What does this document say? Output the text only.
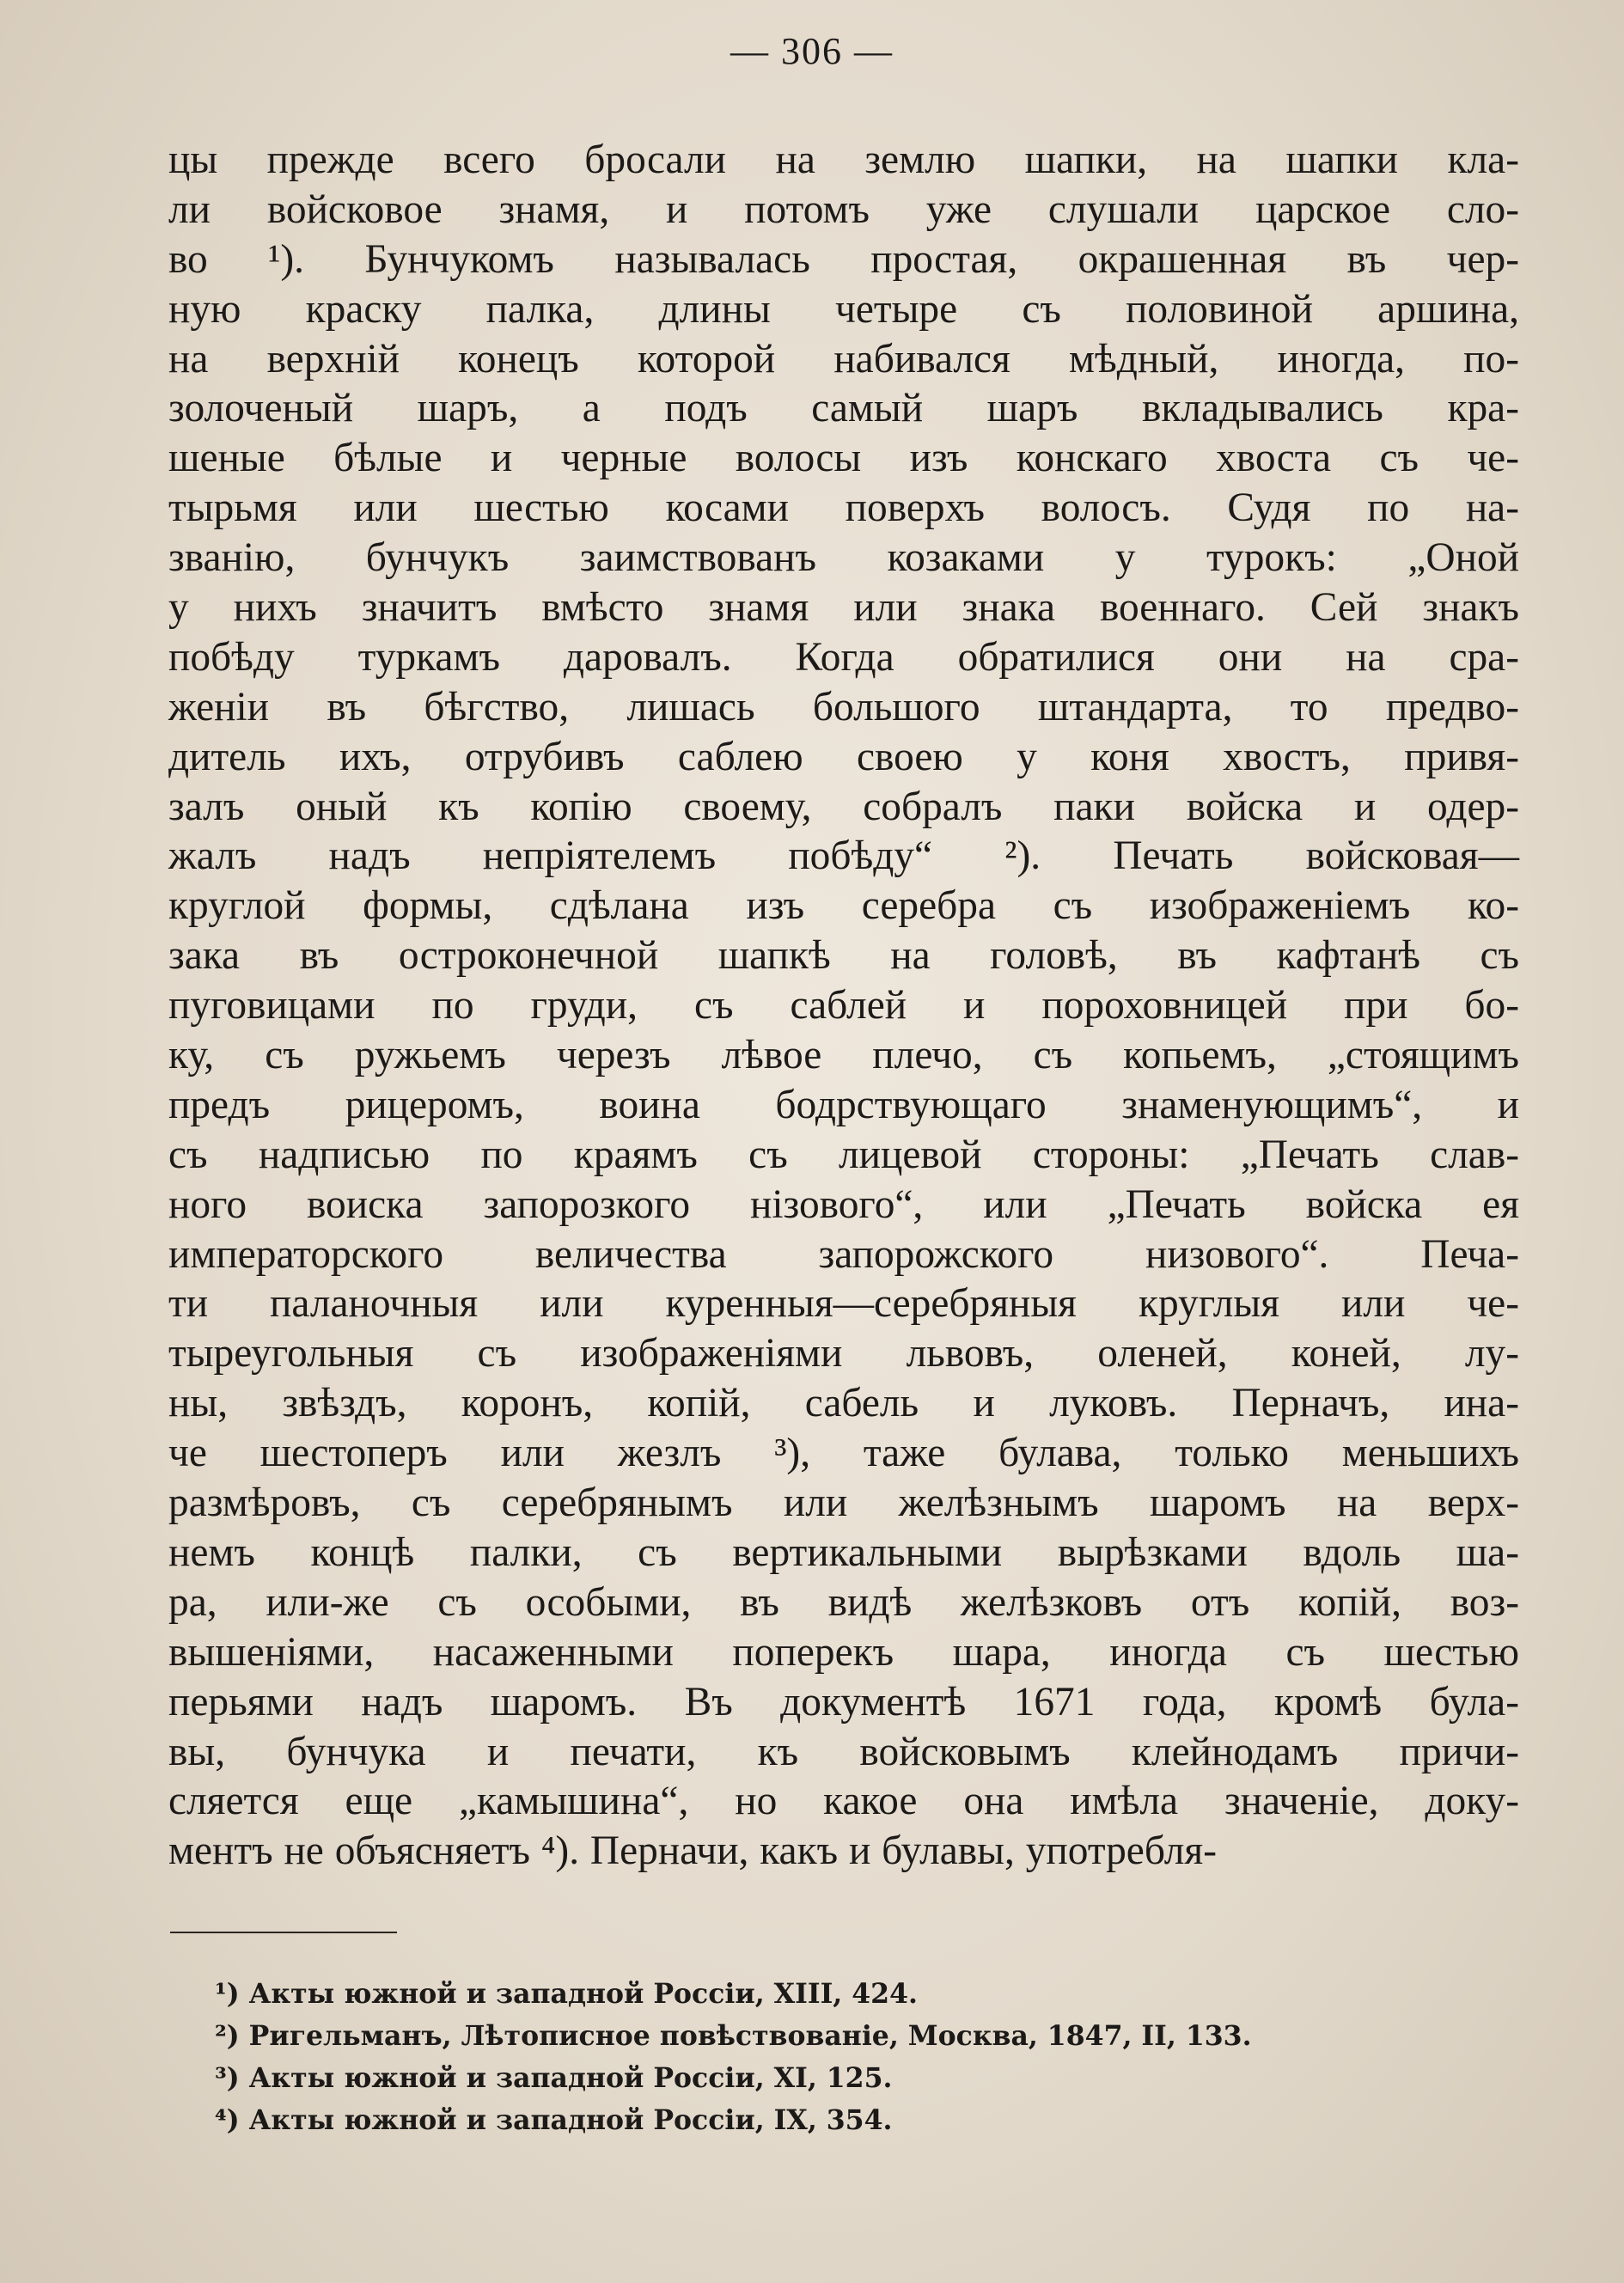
— 306 —
цы прежде всего бросали на землю шапки, на шапки кла-
ли войсковое знамя, и потомъ уже слушали царское сло-
во ¹). Бунчукомъ называлась простая, окрашенная въ чер-
ную краску палка, длины четыре съ половиной аршина,
на верхній конецъ которой набивался мѣдный, иногда, по-
золоченый шаръ, а подъ самый шаръ вкладывались кра-
шеные бѣлые и черные волосы изъ конскаго хвоста съ че-
тырьмя или шестью косами поверхъ волосъ. Судя по на-
званію, бунчукъ заимствованъ козаками у турокъ: „Оной
у нихъ значитъ вмѣсто знамя или знака военнаго. Сей знакъ
побѣду туркамъ даровалъ. Когда обратилися они на сра-
женіи въ бѣгство, лишась большого штандарта, то предво-
дитель ихъ, отрубивъ саблею своею у коня хвостъ, привя-
залъ оный къ копію своему, собралъ паки войска и одер-
жалъ надъ непріятелемъ побѣду“ ²). Печать войсковая—
круглой формы, сдѣлана изъ серебра съ изображеніемъ ко-
зака въ остроконечной шапкѣ на головѣ, въ кафтанѣ съ
пуговицами по груди, съ саблей и пороховницей при бо-
ку, съ ружьемъ черезъ лѣвое плечо, съ копьемъ, „стоящимъ
предъ рицеромъ, воина бодрствующаго знаменующимъ“, и
съ надписью по краямъ съ лицевой стороны: „Печать слав-
ного воиска запорозкого нізового“, или „Печать войска ея
императорского величества запорожского низового“. Печа-
ти паланочныя или куренныя—серебряныя круглыя или че-
тыреугольныя съ изображеніями львовъ, оленей, коней, лу-
ны, звѣздъ, коронъ, копій, сабель и луковъ. Перначъ, ина-
че шестоперъ или жезлъ ³), таже булава, только меньшихъ
размѣровъ, съ серебрянымъ или желѣзнымъ шаромъ на верх-
немъ концѣ палки, съ вертикальными вырѣзками вдоль ша-
ра, или-же съ особыми, въ видѣ желѣзковъ отъ копій, воз-
вышеніями, насаженными поперекъ шара, иногда съ шестью
перьями надъ шаромъ. Въ документѣ 1671 года, кромѣ була-
вы, бунчука и печати, къ войсковымъ клейнодамъ причи-
сляется еще „камышина“, но какое она имѣла значеніе, доку-
ментъ не объясняетъ ⁴). Перначи, какъ и булавы, употребля-
¹) Акты южной и западной Россіи, XIII, 424.
²) Ригельманъ, Лѣтописное повѣствованіе, Москва, 1847, II, 133.
³) Акты южной и западной Россіи, XI, 125.
⁴) Акты южной и западной Россіи, IX, 354.
